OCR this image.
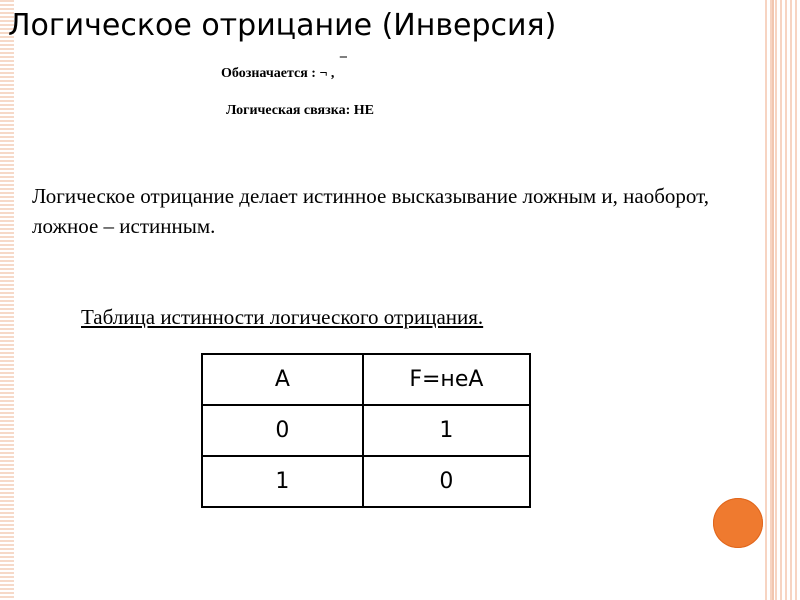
Логическое отрицание (Инверсия)
Обозначается : ¬ , ¯
Логическая связка: НЕ
Логическое отрицание делает истинное высказывание ложным и, наоборот, ложное – истинным.
Таблица истинности логического отрицания.
A	F=неA
0	1
1	0
